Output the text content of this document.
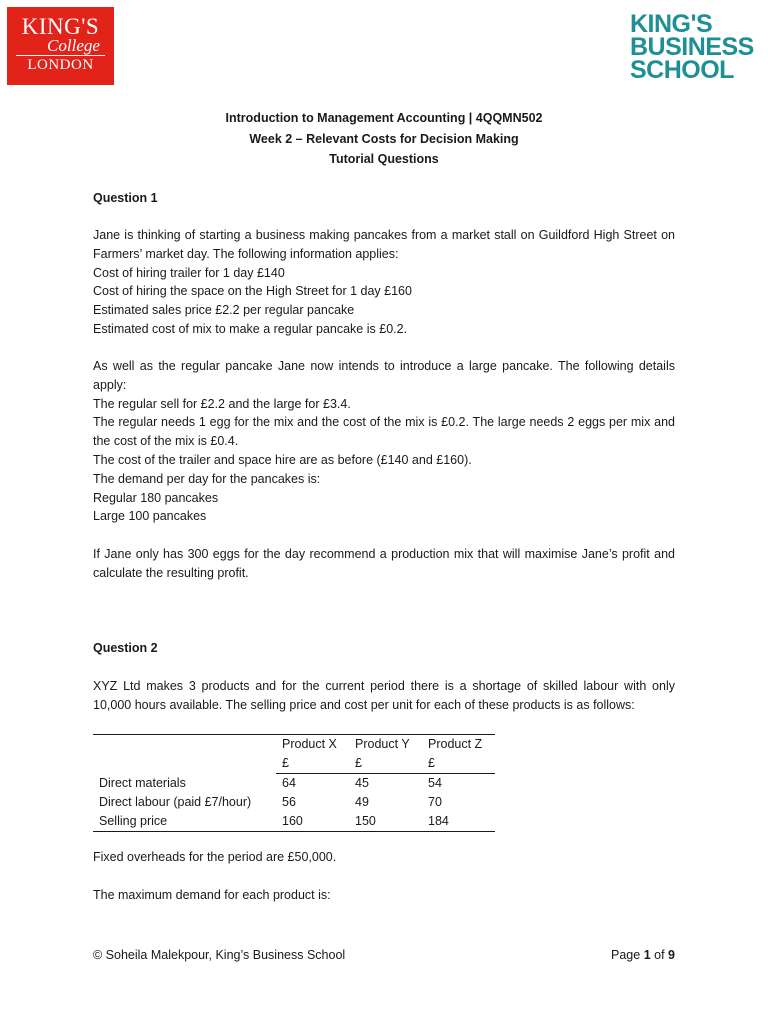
KING'S
College
LONDON
KING'S
BUSINESS
SCHOOL
Introduction to Management Accounting | 4QQMN502
Week 2 – Relevant Costs for Decision Making
Tutorial Questions
Question 1
Jane is thinking of starting a business making pancakes from a market stall on Guildford High Street on Farmers’ market day. The following information applies:
Cost of hiring trailer for 1 day £140
Cost of hiring the space on the High Street for 1 day £160
Estimated sales price £2.2 per regular pancake
Estimated cost of mix to make a regular pancake is £0.2.
As well as the regular pancake Jane now intends to introduce a large pancake. The following details apply:
The regular sell for £2.2 and the large for £3.4.
The regular needs 1 egg for the mix and the cost of the mix is £0.2. The large needs 2 eggs per mix and the cost of the mix is £0.4.
The cost of the trailer and space hire are as before (£140 and £160).
The demand per day for the pancakes is:
Regular 180 pancakes
Large 100 pancakes
If Jane only has 300 eggs for the day recommend a production mix that will maximise Jane’s profit and calculate the resulting profit.
Question 2
XYZ Ltd makes 3 products and for the current period there is a shortage of skilled labour with only 10,000 hours available. The selling price and cost per unit for each of these products is as follows:
	Product X	Product Y	Product Z
	£	£	£
Direct materials	64	45	54
Direct labour (paid £7/hour)	56	49	70
Selling price	160	150	184
Fixed overheads for the period are £50,000.
The maximum demand for each product is:
© Soheila Malekpour, King’s Business School	Page 1 of 9
